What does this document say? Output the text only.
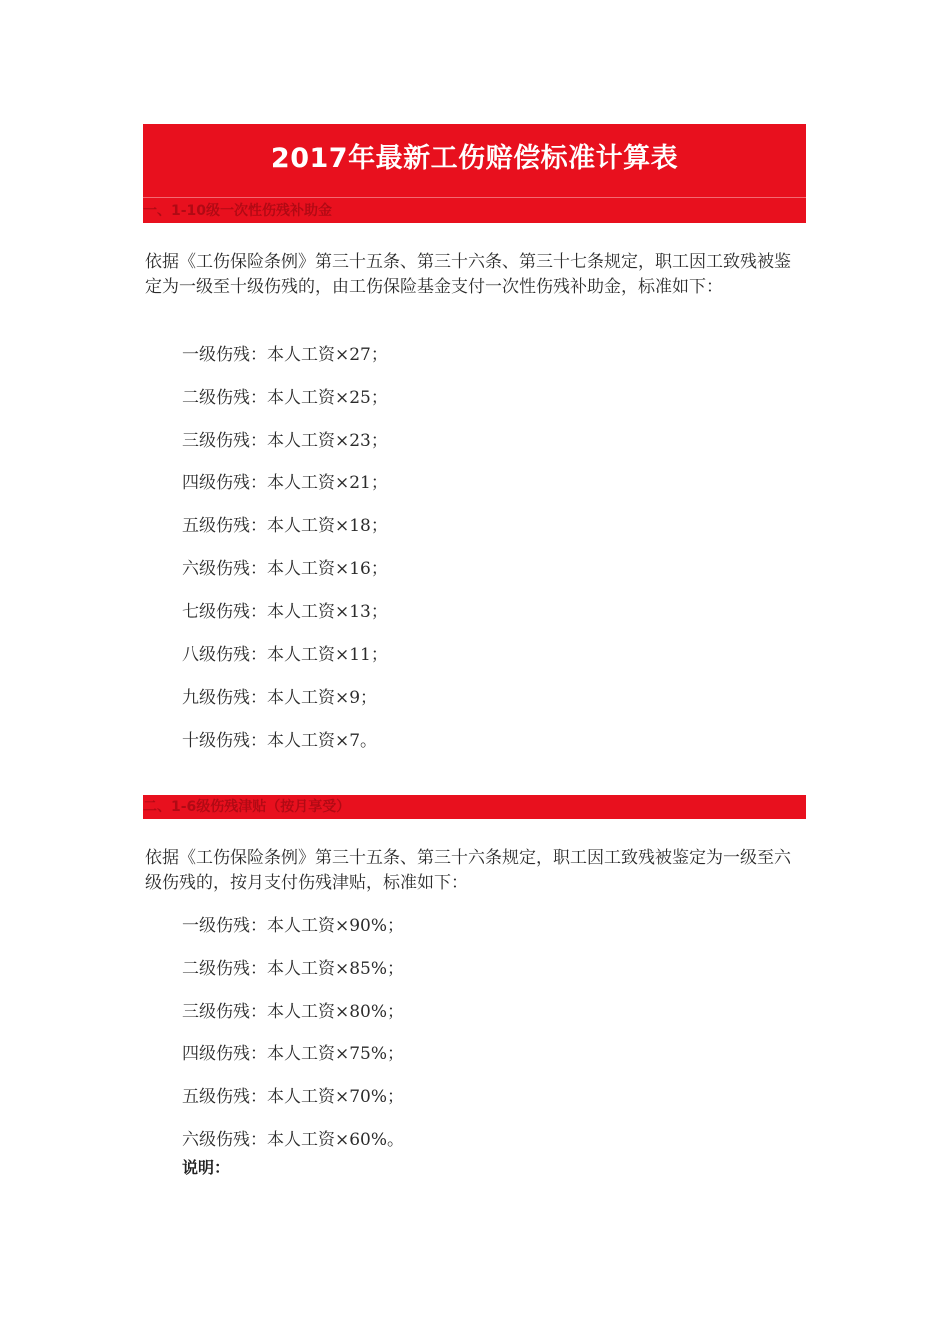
2017年最新工伤赔偿标准计算表
一、1-10级一次性伤残补助金

依据《工伤保险条例》第三十五条、第三十六条、第三十七条规定，职工因工致残被鉴定为一级至十级伤残的，由工伤保险基金支付一次性伤残补助金，标准如下：

一级伤残：本人工资×27；
二级伤残：本人工资×25；
三级伤残：本人工资×23；
四级伤残：本人工资×21；
五级伤残：本人工资×18；
六级伤残：本人工资×16；
七级伤残：本人工资×13；
八级伤残：本人工资×11；
九级伤残：本人工资×9；
十级伤残：本人工资×7。
二、1-6级伤残津贴（按月享受）

依据《工伤保险条例》第三十五条、第三十六条规定，职工因工致残被鉴定为一级至六级伤残的，按月支付伤残津贴，标准如下：

一级伤残：本人工资×90%；
二级伤残：本人工资×85%；
三级伤残：本人工资×80%；
四级伤残：本人工资×75%；
五级伤残：本人工资×70%；
六级伤残：本人工资×60%。
说明：
